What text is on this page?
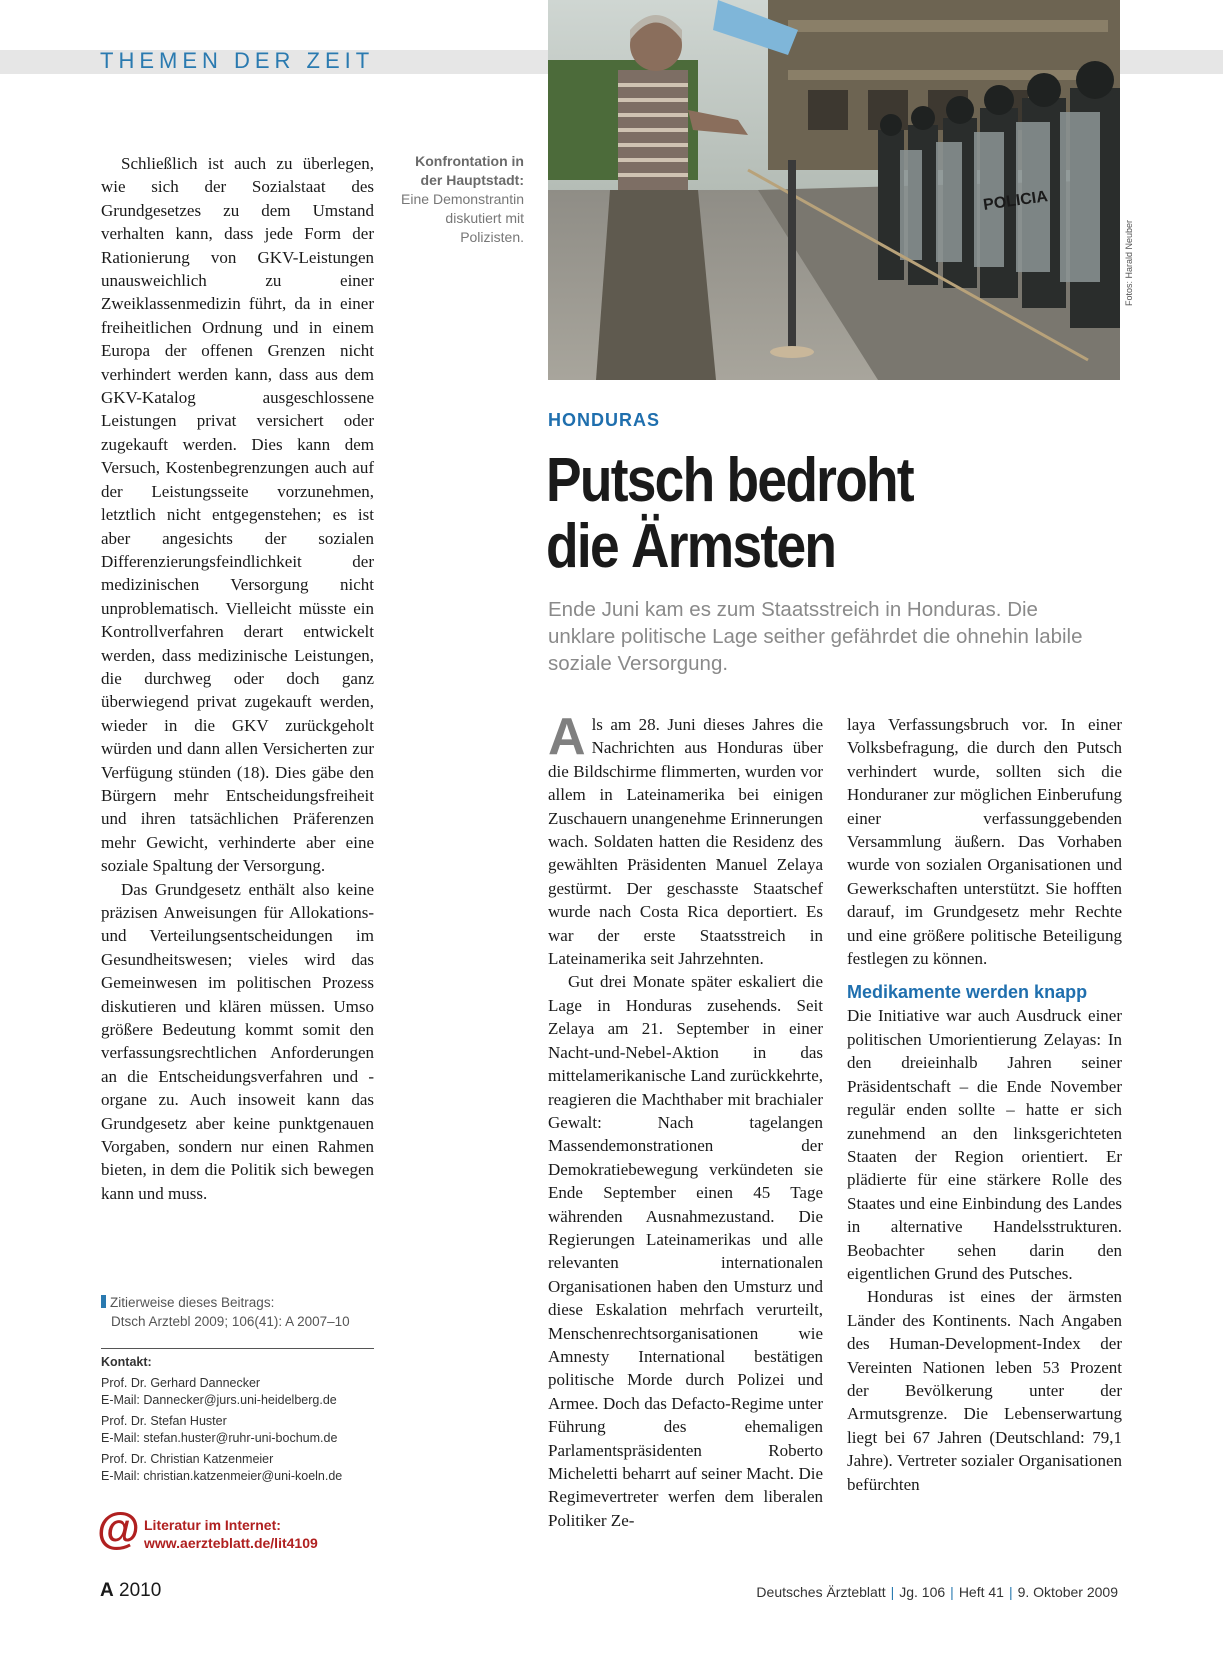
THEMEN DER ZEIT
POLICIA
Fotos: Harald Neuber
Konfrontation in der Hauptstadt:
Eine Demonstrantin diskutiert mit Polizisten.

Schließlich ist auch zu überlegen, wie sich der Sozialstaat des Grundgesetzes zu dem Umstand verhalten kann, dass jede Form der Rationierung von GKV-Leistungen unausweichlich zu einer Zweiklassenmedizin führt, da in einer freiheitlichen Ordnung und in einem Europa der offenen Grenzen nicht verhindert werden kann, dass aus dem GKV-Katalog ausgeschlossene Leistungen privat versichert oder zugekauft werden. Dies kann dem Versuch, Kostenbegrenzungen auch auf der Leistungsseite vorzunehmen, letztlich nicht entgegenstehen; es ist aber angesichts der sozialen Differenzierungsfeindlichkeit der medizinischen Versorgung nicht unproblematisch. Vielleicht müsste ein Kontrollverfahren derart entwickelt werden, dass medizinische Leistungen, die durchweg oder doch ganz überwiegend privat zugekauft werden, wieder in die GKV zurückgeholt würden und dann allen Versicherten zur Verfügung stünden (18). Dies gäbe den Bürgern mehr Entscheidungsfreiheit und ihren tatsächlichen Präferenzen mehr Gewicht, verhinderte aber eine soziale Spaltung der Versorgung.

Das Grundgesetz enthält also keine präzisen Anweisungen für Allokations- und Verteilungsentscheidungen im Gesundheitswesen; vieles wird das Gemeinwesen im politischen Prozess diskutieren und klären müssen. Umso größere Bedeutung kommt somit den verfassungsrechtlichen Anforderungen an die Entscheidungsverfahren und -organe zu. Auch insoweit kann das Grundgesetz aber keine punktgenauen Vorgaben, sondern nur einen Rahmen bieten, in dem die Politik sich bewegen kann und muss.

HONDURAS
Putsch bedroht
die Ärmsten
Ende Juni kam es zum Staatsstreich in Honduras. Die unklare politische Lage seither gefährdet die ohnehin labile soziale Versorgung.

Als am 28. Juni dieses Jahres die Nachrichten aus Honduras über die Bildschirme flimmerten, wurden vor allem in Lateinamerika bei einigen Zuschauern unangenehme Erinnerungen wach. Soldaten hatten die Residenz des gewählten Präsidenten Manuel Zelaya gestürmt. Der geschasste Staatschef wurde nach Costa Rica deportiert. Es war der erste Staatsstreich in Lateinamerika seit Jahrzehnten.

Gut drei Monate später eskaliert die Lage in Honduras zusehends. Seit Zelaya am 21. September in einer Nacht-und-Nebel-Aktion in das mittelamerikanische Land zurückkehrte, reagieren die Machthaber mit brachialer Gewalt: Nach tagelangen Massendemonstrationen der Demokratiebewegung verkündeten sie Ende September einen 45 Tage währenden Ausnahmezustand. Die Regierungen Lateinamerikas und alle relevanten internationalen Organisationen haben den Umsturz und diese Eskalation mehrfach verurteilt, Menschenrechtsorganisationen wie Amnesty International bestätigen politische Morde durch Polizei und Armee. Doch das Defacto-Regime unter Führung des ehemaligen Parlamentspräsidenten Roberto Micheletti beharrt auf seiner Macht. Die Regimevertreter werfen dem liberalen Politiker Ze-

laya Verfassungsbruch vor. In einer Volksbefragung, die durch den Putsch verhindert wurde, sollten sich die Honduraner zur möglichen Einberufung einer verfassunggebenden Versammlung äußern. Das Vorhaben wurde von sozialen Organisationen und Gewerkschaften unterstützt. Sie hofften darauf, im Grundgesetz mehr Rechte und eine größere politische Beteiligung festlegen zu können.

Medikamente werden knapp

Die Initiative war auch Ausdruck einer politischen Umorientierung Zelayas: In den dreieinhalb Jahren seiner Präsidentschaft – die Ende November regulär enden sollte – hatte er sich zunehmend an den linksgerichteten Staaten der Region orientiert. Er plädierte für eine stärkere Rolle des Staates und eine Einbindung des Landes in alternative Handelsstrukturen. Beobachter sehen darin den eigentlichen Grund des Putsches.

Honduras ist eines der ärmsten Länder des Kontinents. Nach Angaben des Human-Development-Index der Vereinten Nationen leben 53 Prozent der Bevölkerung unter der Armutsgrenze. Die Lebenserwartung liegt bei 67 Jahren (Deutschland: 79,1 Jahre). Vertreter sozialer Organisationen befürchten

Zitierweise dieses Beitrags:
Dtsch Arztebl 2009; 106(41): A 2007–10
Kontakt:
Prof. Dr. Gerhard Dannecker
E-Mail: Dannecker@jurs.uni-heidelberg.de
Prof. Dr. Stefan Huster
E-Mail: stefan.huster@ruhr-uni-bochum.de
Prof. Dr. Christian Katzenmeier
E-Mail: christian.katzenmeier@uni-koeln.de
@ Literatur im Internet:
www.aerzteblatt.de/lit4109
A 2010	Deutsches Ärzteblatt | Jg. 106 | Heft 41 | 9. Oktober 2009
